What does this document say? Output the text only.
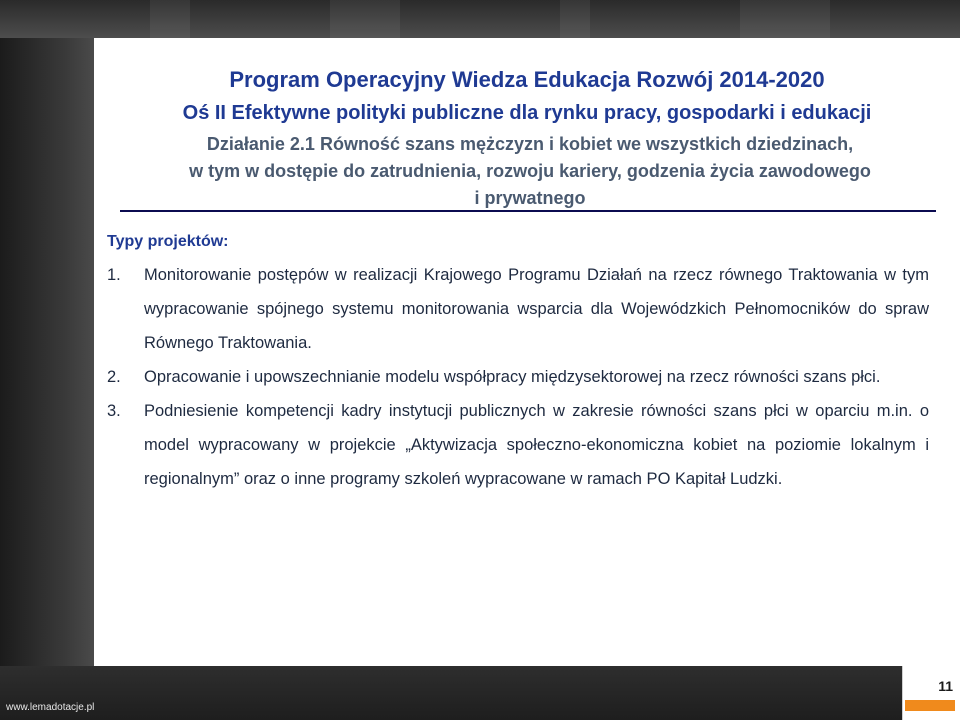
Program Operacyjny Wiedza Edukacja Rozwój 2014-2020
Oś II Efektywne polityki publiczne dla rynku pracy, gospodarki i edukacji
Działanie 2.1 Równość szans mężczyzn i kobiet we wszystkich dziedzinach,
w tym w dostępie do zatrudnienia, rozwoju kariery, godzenia życia zawodowego
i prywatnego
Typy projektów:
1.	Monitorowanie postępów w realizacji Krajowego Programu Działań na rzecz równego Traktowania w tym wypracowanie spójnego systemu monitorowania wsparcia dla Wojewódzkich Pełnomocników do spraw Równego Traktowania.
2.	Opracowanie i upowszechnianie modelu współpracy międzysektorowej na rzecz równości szans płci.
3.	Podniesienie kompetencji kadry instytucji publicznych w zakresie równości szans płci w oparciu m.in. o model wypracowany w projekcie „Aktywizacja społeczno-ekonomiczna kobiet na poziomie lokalnym i regionalnym” oraz o inne programy szkoleń wypracowane w ramach PO Kapitał Ludzki.
www.lemadotacje.pl
11
